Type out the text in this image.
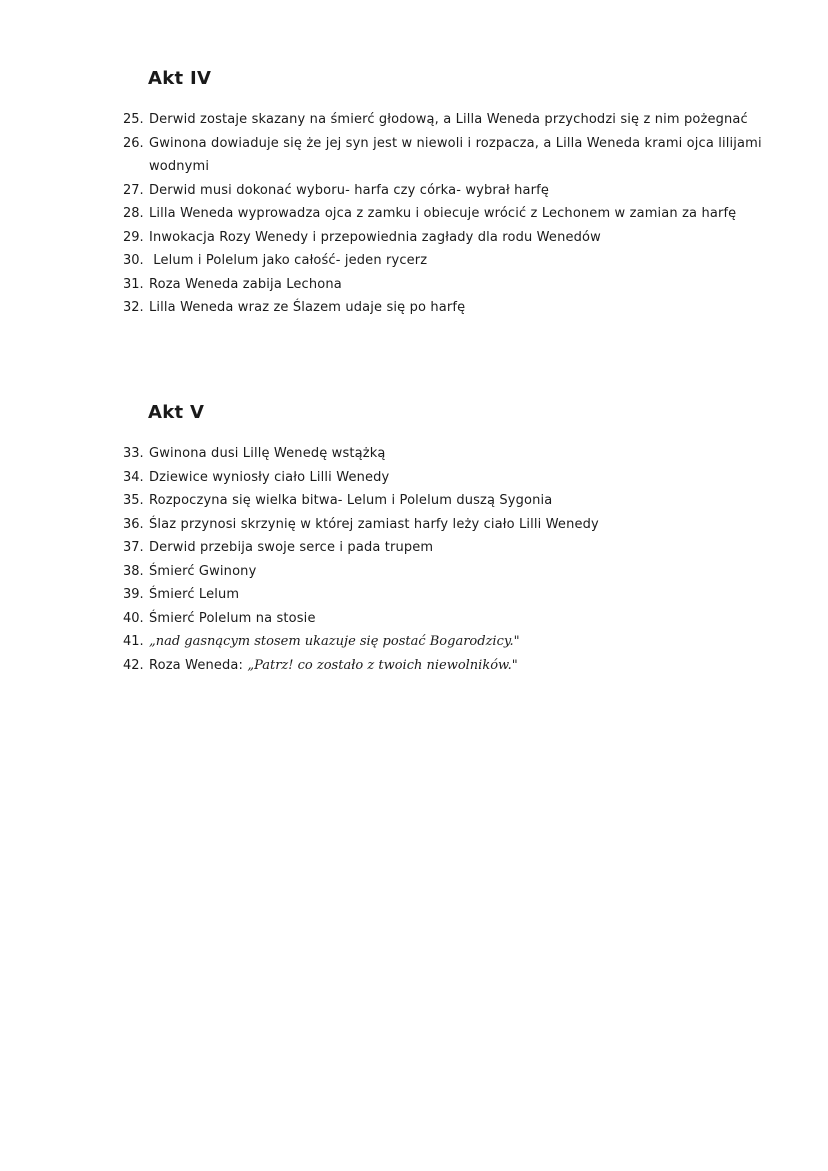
Akt IV
25. Derwid zostaje skazany na śmierć głodową, a Lilla Weneda przychodzi się z nim pożegnać
26. Gwinona dowiaduje się że jej syn jest w niewoli i rozpacza, a Lilla Weneda krami ojca lilijami wodnymi
27. Derwid musi dokonać wyboru- harfa czy córka- wybrał harfę
28. Lilla Weneda wyprowadza ojca z zamku i obiecuje wrócić z Lechonem w zamian za harfę
29. Inwokacja Rozy Wenedy i przepowiednia zagłady dla rodu Wenedów
30. Lelum i Polelum jako całość- jeden rycerz
31. Roza Weneda zabija Lechona
32. Lilla Weneda wraz ze Ślazem udaje się po harfę
Akt V
33. Gwinona dusi Lillę Wenedę wstążką
34. Dziewice wyniosły ciało Lilli Wenedy
35. Rozpoczyna się wielka bitwa- Lelum i Polelum duszą Sygonia
36. Ślaz przynosi skrzynię w której zamiast harfy leży ciało Lilli Wenedy
37. Derwid przebija swoje serce i pada trupem
38. Śmierć Gwinony
39. Śmierć Lelum
40. Śmierć Polelum na stosie
41. „nad gasnącym stosem ukazuje się postać Bogarodzicy."
42. Roza Weneda: „Patrz! co zostało z twoich niewolników."
